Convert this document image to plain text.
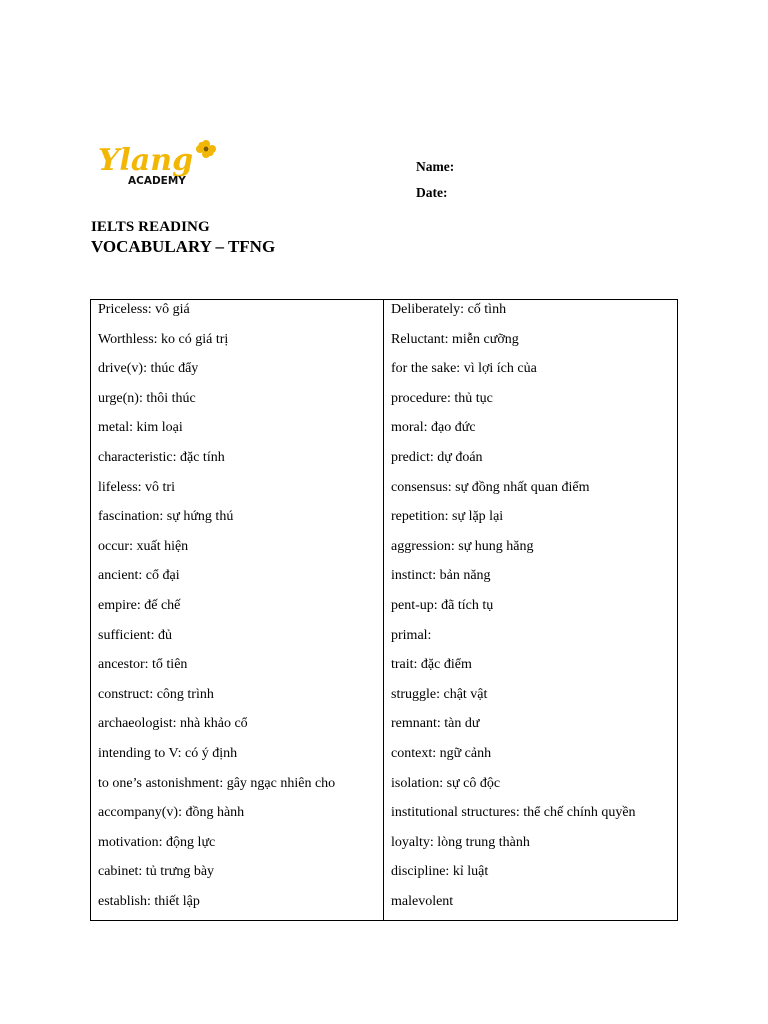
Ylang
ACADEMY
Name:
Date:
IELTS READING
VOCABULARY – TFNG
Priceless: vô giá
Worthless: ko có giá trị
drive(v): thúc đẩy
urge(n): thôi thúc
metal: kim loại
characteristic: đặc tính
lifeless: vô tri
fascination: sự hứng thú
occur: xuất hiện
ancient: cổ đại
empire: đế chế
sufficient: đủ
ancestor: tổ tiên
construct: công trình
archaeologist: nhà khảo cổ
intending to V: có ý định
to one’s astonishment: gây ngạc nhiên cho
accompany(v): đồng hành
motivation: động lực
cabinet: tủ trưng bày
establish: thiết lập
Deliberately: cố tình
Reluctant: miễn cưỡng
for the sake: vì lợi ích của
procedure: thủ tục
moral: đạo đức
predict: dự đoán
consensus: sự đồng nhất quan điểm
repetition: sự lặp lại
aggression: sự hung hăng
instinct: bản năng
pent-up: đã tích tụ
primal:
trait: đặc điểm
struggle: chật vật
remnant: tàn dư
context: ngữ cảnh
isolation: sự cô độc
institutional structures: thể chế chính quyền
loyalty: lòng trung thành
discipline: kỉ luật
malevolent
